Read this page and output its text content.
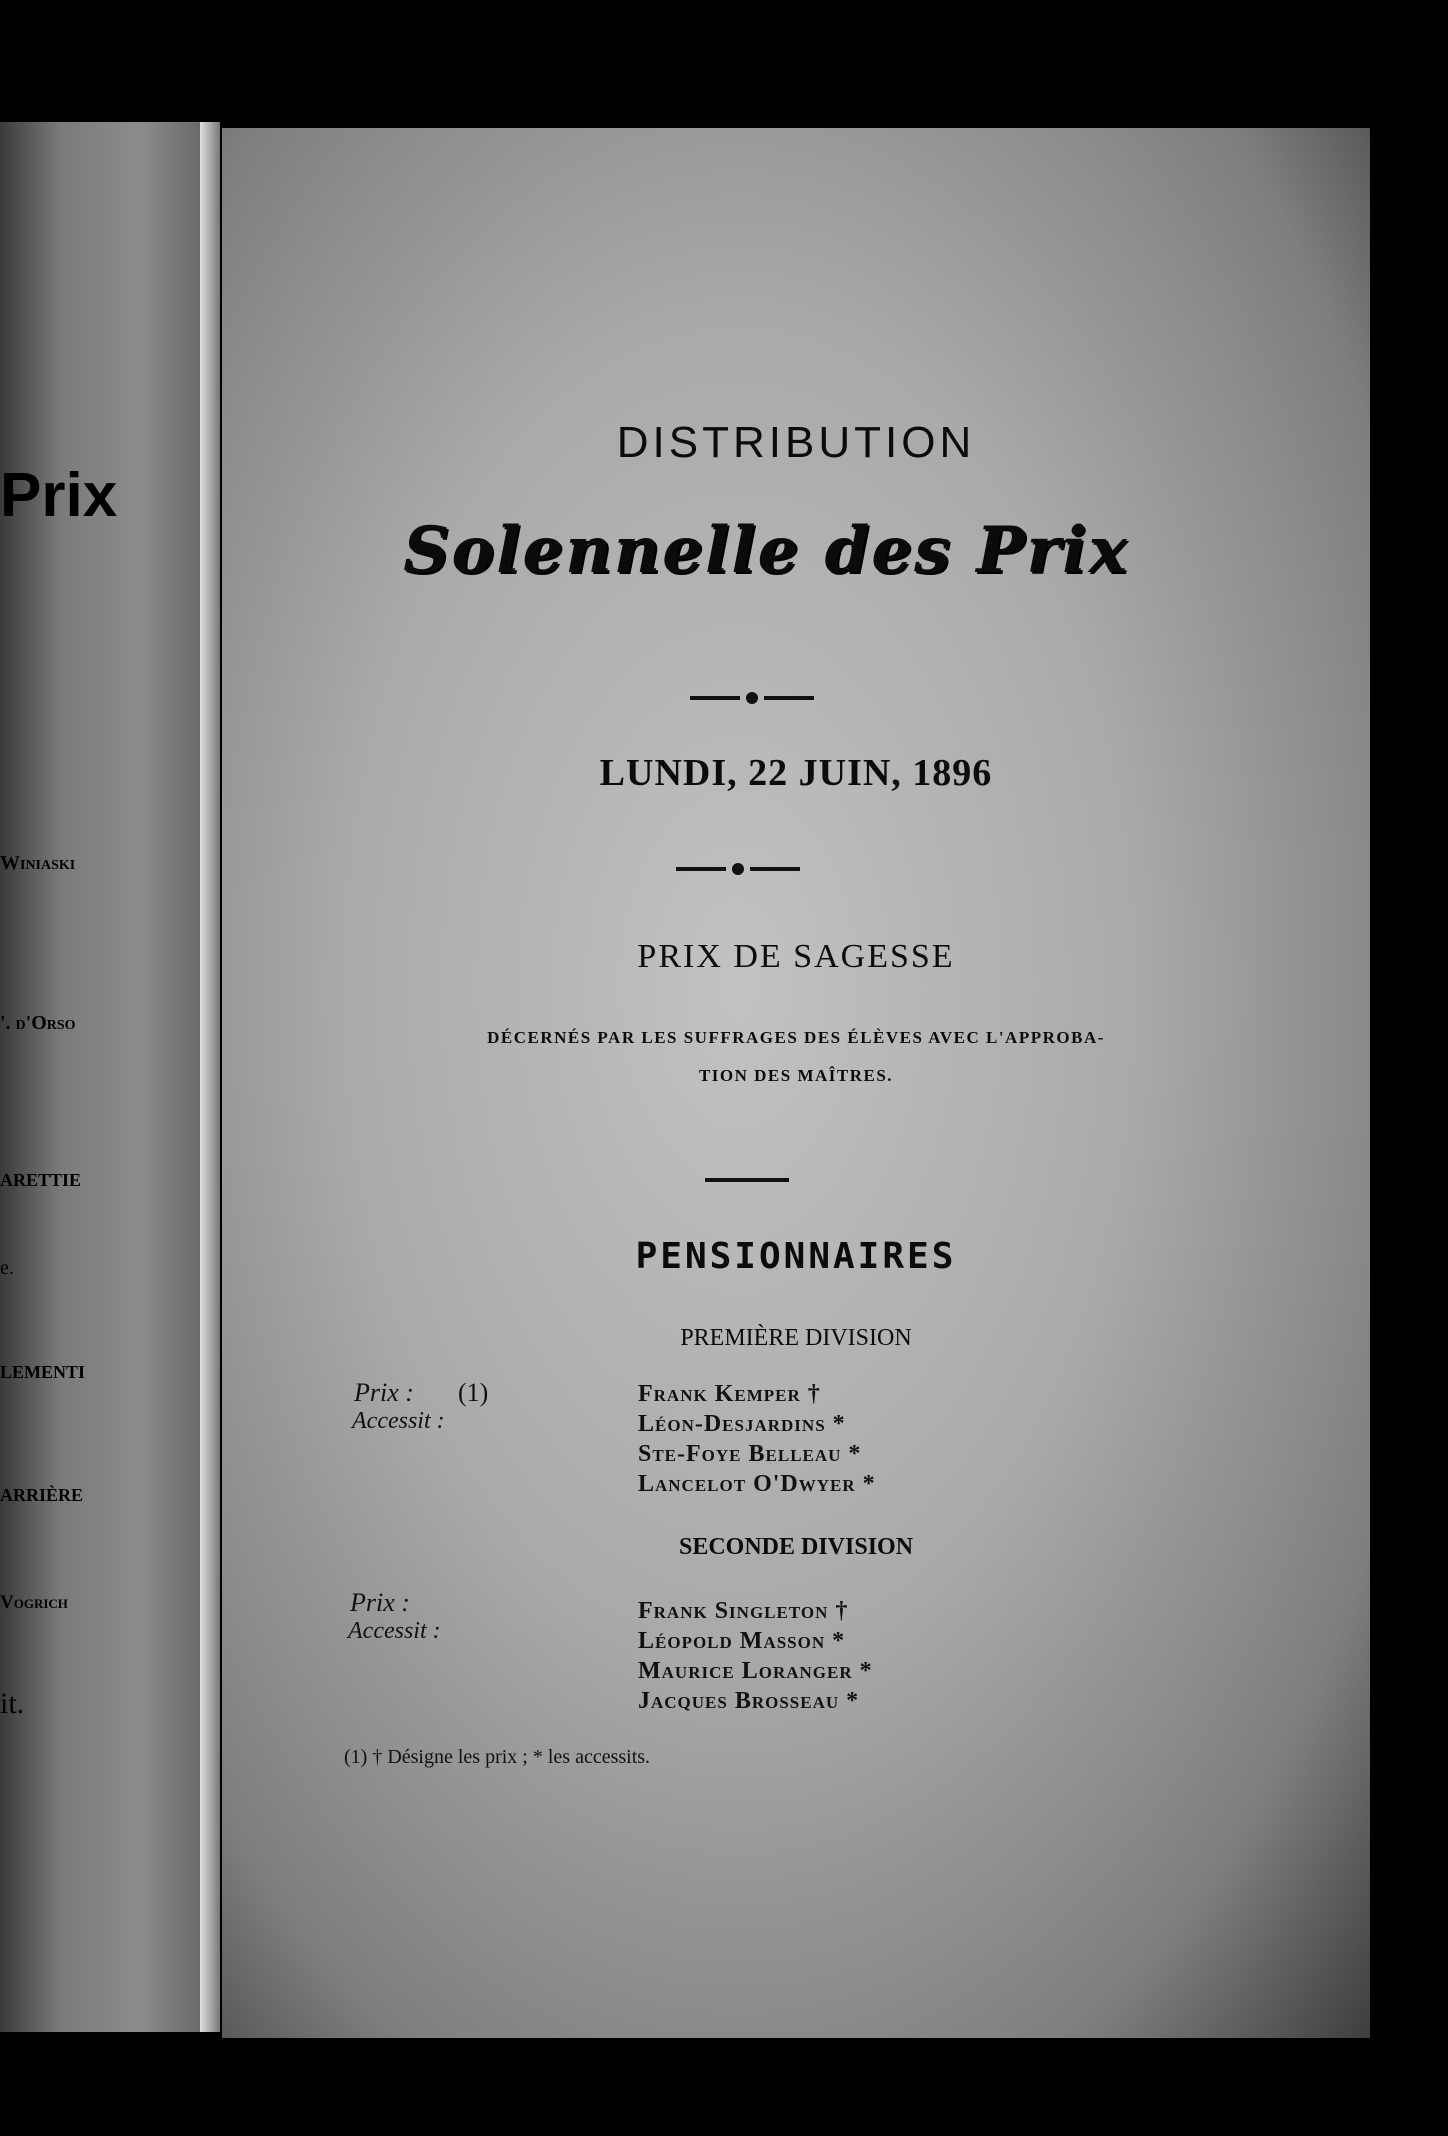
Prix
Winiaski
'. d'Orso
ARETTIE
e.
LEMENTI
ARRIÈRE
Vogrich
it.
DISTRIBUTION
Solennelle des Prix
LUNDI, 22 JUIN, 1896
PRIX DE SAGESSE
DÉCERNÉS PAR LES SUFFRAGES DES ÉLÈVES AVEC L'APPROBA-
TION DES MAÎTRES.
PENSIONNAIRES
PREMIÈRE DIVISION
Prix : (1)
Accessit :
Frank Kemper †
Léon-Desjardins *
Ste-Foye Belleau *
Lancelot O'Dwyer *
SECONDE DIVISION
Prix :
Accessit :
Frank Singleton †
Léopold Masson *
Maurice Loranger *
Jacques Brosseau *
(1) † Désigne les prix ; * les accessits.
